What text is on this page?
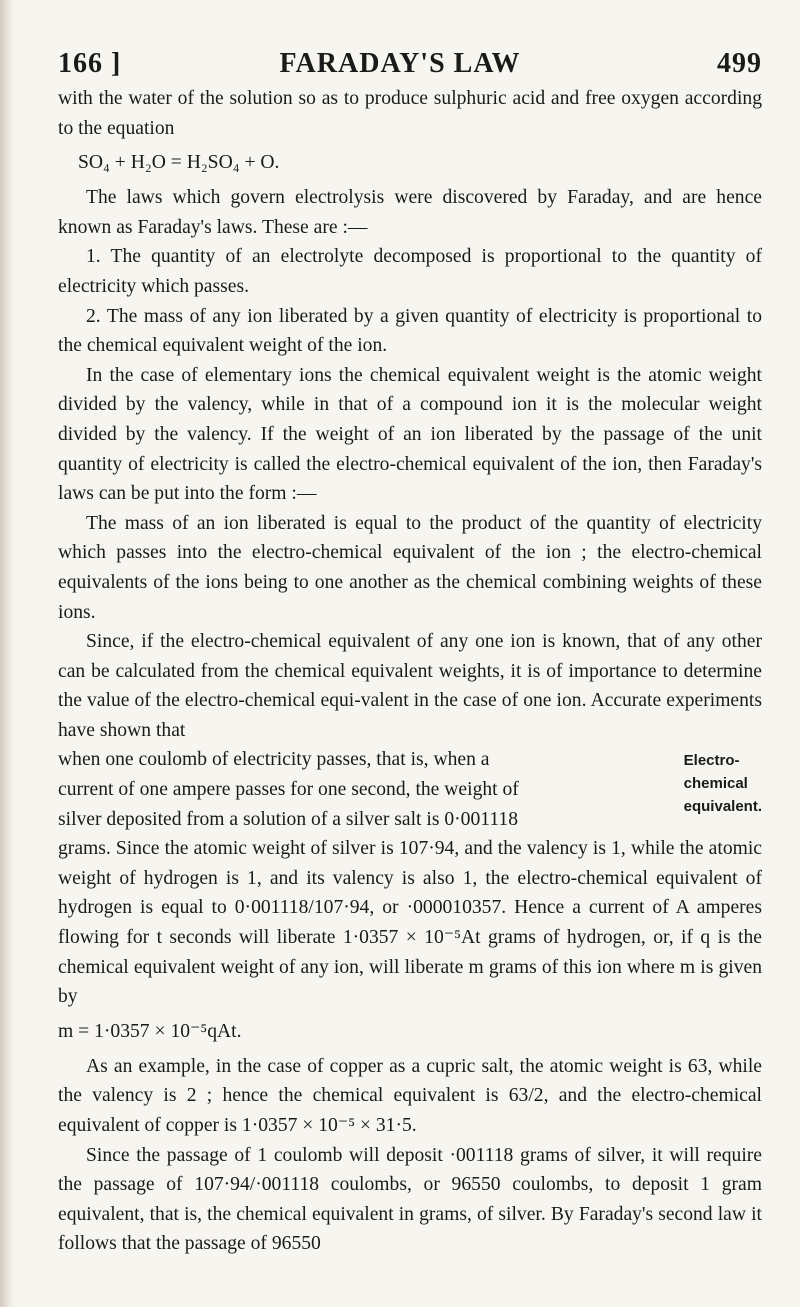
166 ]	FARADAY'S LAW	499

with the water of the solution so as to produce sulphuric acid and free oxygen according to the equation

SO₄ + H₂O = H₂SO₄ + O.

The laws which govern electrolysis were discovered by Faraday, and are hence known as Faraday's laws. These are :—

1. The quantity of an electrolyte decomposed is proportional to the quantity of electricity which passes.

2. The mass of any ion liberated by a given quantity of electricity is proportional to the chemical equivalent weight of the ion.

In the case of elementary ions the chemical equivalent weight is the atomic weight divided by the valency, while in that of a compound ion it is the molecular weight divided by the valency. If the weight of an ion liberated by the passage of the unit quantity of electricity is called the electro-chemical equivalent of the ion, then Faraday's laws can be put into the form :—

The mass of an ion liberated is equal to the product of the quantity of electricity which passes into the electro-chemical equivalent of the ion ; the electro-chemical equivalents of the ions being to one another as the chemical combining weights of these ions.

Since, if the electro-chemical equivalent of any one ion is known, that of any other can be calculated from the chemical equivalent weights, it is of importance to determine the value of the electro-chemical equi-valent in the case of one ion. Accurate experiments have shown that

when one coulomb of electricity passes, that is, when a

current of one ampere passes for one second, the weight of

silver deposited from a solution of a silver salt is 0·001118

Electro-
chemical
equivalent.

grams. Since the atomic weight of silver is 107·94, and the valency is 1, while the atomic weight of hydrogen is 1, and its valency is also 1, the electro-chemical equivalent of hydrogen is equal to 0·001118/107·94, or ·000010357. Hence a current of A amperes flowing for t seconds will liberate 1·0357 × 10⁻⁵At grams of hydrogen, or, if q is the chemical equivalent weight of any ion, will liberate m grams of this ion where m is given by

m = 1·0357 × 10⁻⁵qAt.

As an example, in the case of copper as a cupric salt, the atomic weight is 63, while the valency is 2 ; hence the chemical equivalent is 63/2, and the electro-chemical equivalent of copper is 1·0357 × 10⁻⁵ × 31·5.

Since the passage of 1 coulomb will deposit ·001118 grams of silver, it will require the passage of 107·94/·001118 coulombs, or 96550 coulombs, to deposit 1 gram equivalent, that is, the chemical equivalent in grams, of silver. By Faraday's second law it follows that the passage of 96550
